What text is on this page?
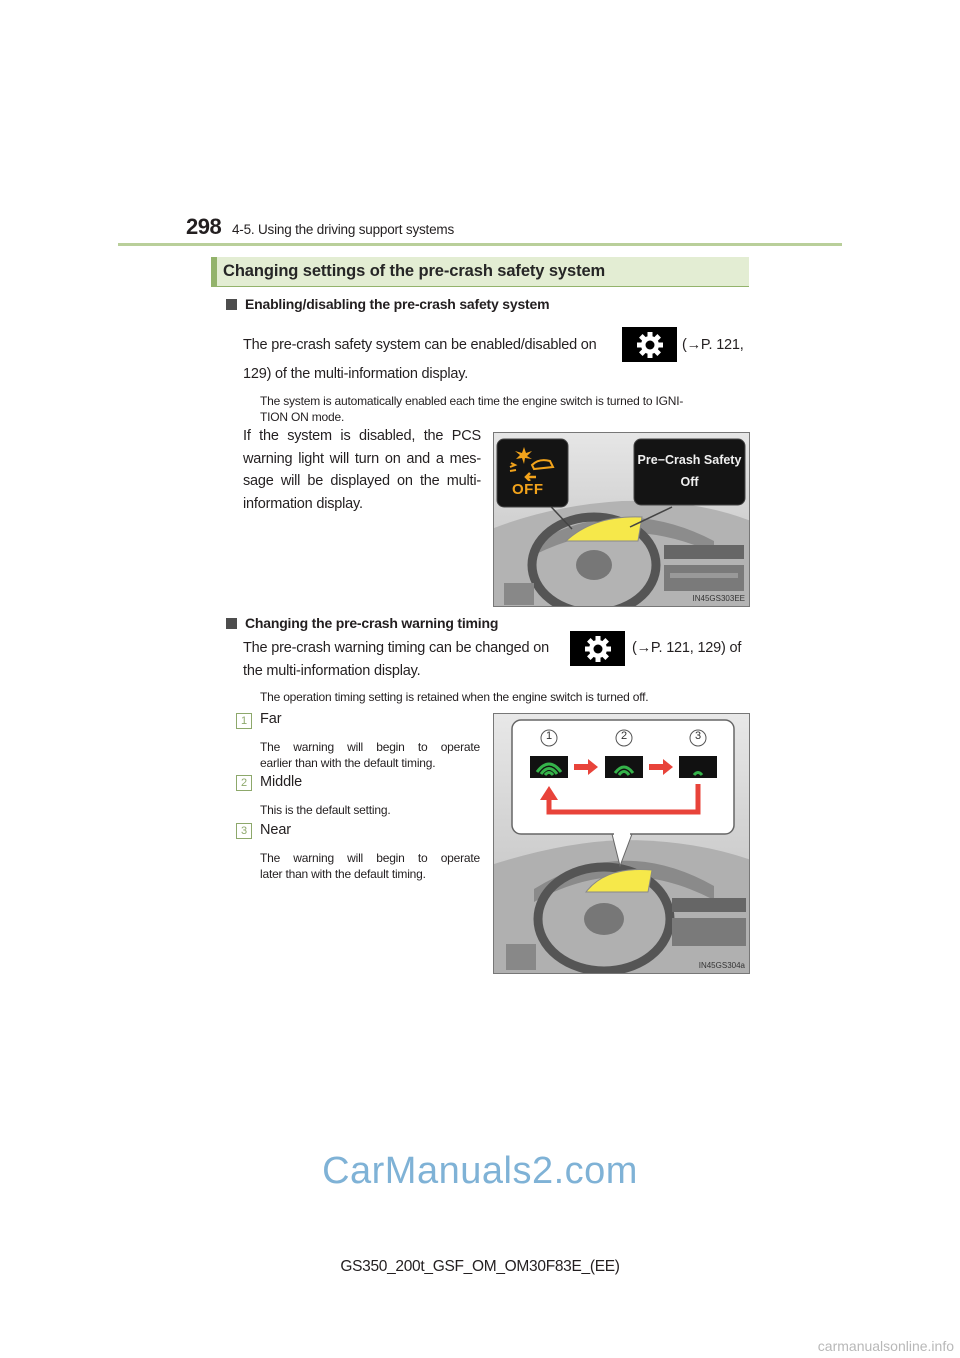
298 4-5. Using the driving support systems
Changing settings of the pre-crash safety system
Enabling/disabling the pre-crash safety system
The pre-crash safety system can be enabled/disabled on	(→P. 121,
129) of the multi-information display.
The system is automatically enabled each time the engine switch is turned to IGNI-
TION ON mode.
If the system is disabled, the PCS
warning light will turn on and a mes-
sage will be displayed on the multi-
information display.
OFF
Pre−Crash Safety
Off
IN45GS303EE
Changing the pre-crash warning timing
The pre-crash warning timing can be changed on	(→P. 121, 129) of
the multi-information display.
The operation timing setting is retained when the engine switch is turned off.
1 Far
The warning will begin to operate
earlier than with the default timing.
2 Middle
This is the default setting.
3 Near
The warning will begin to operate
later than with the default timing.
1	2	3
IN45GS304a
CarManuals2.com
GS350_200t_GSF_OM_OM30F83E_(EE)
carmanualsonline.info
